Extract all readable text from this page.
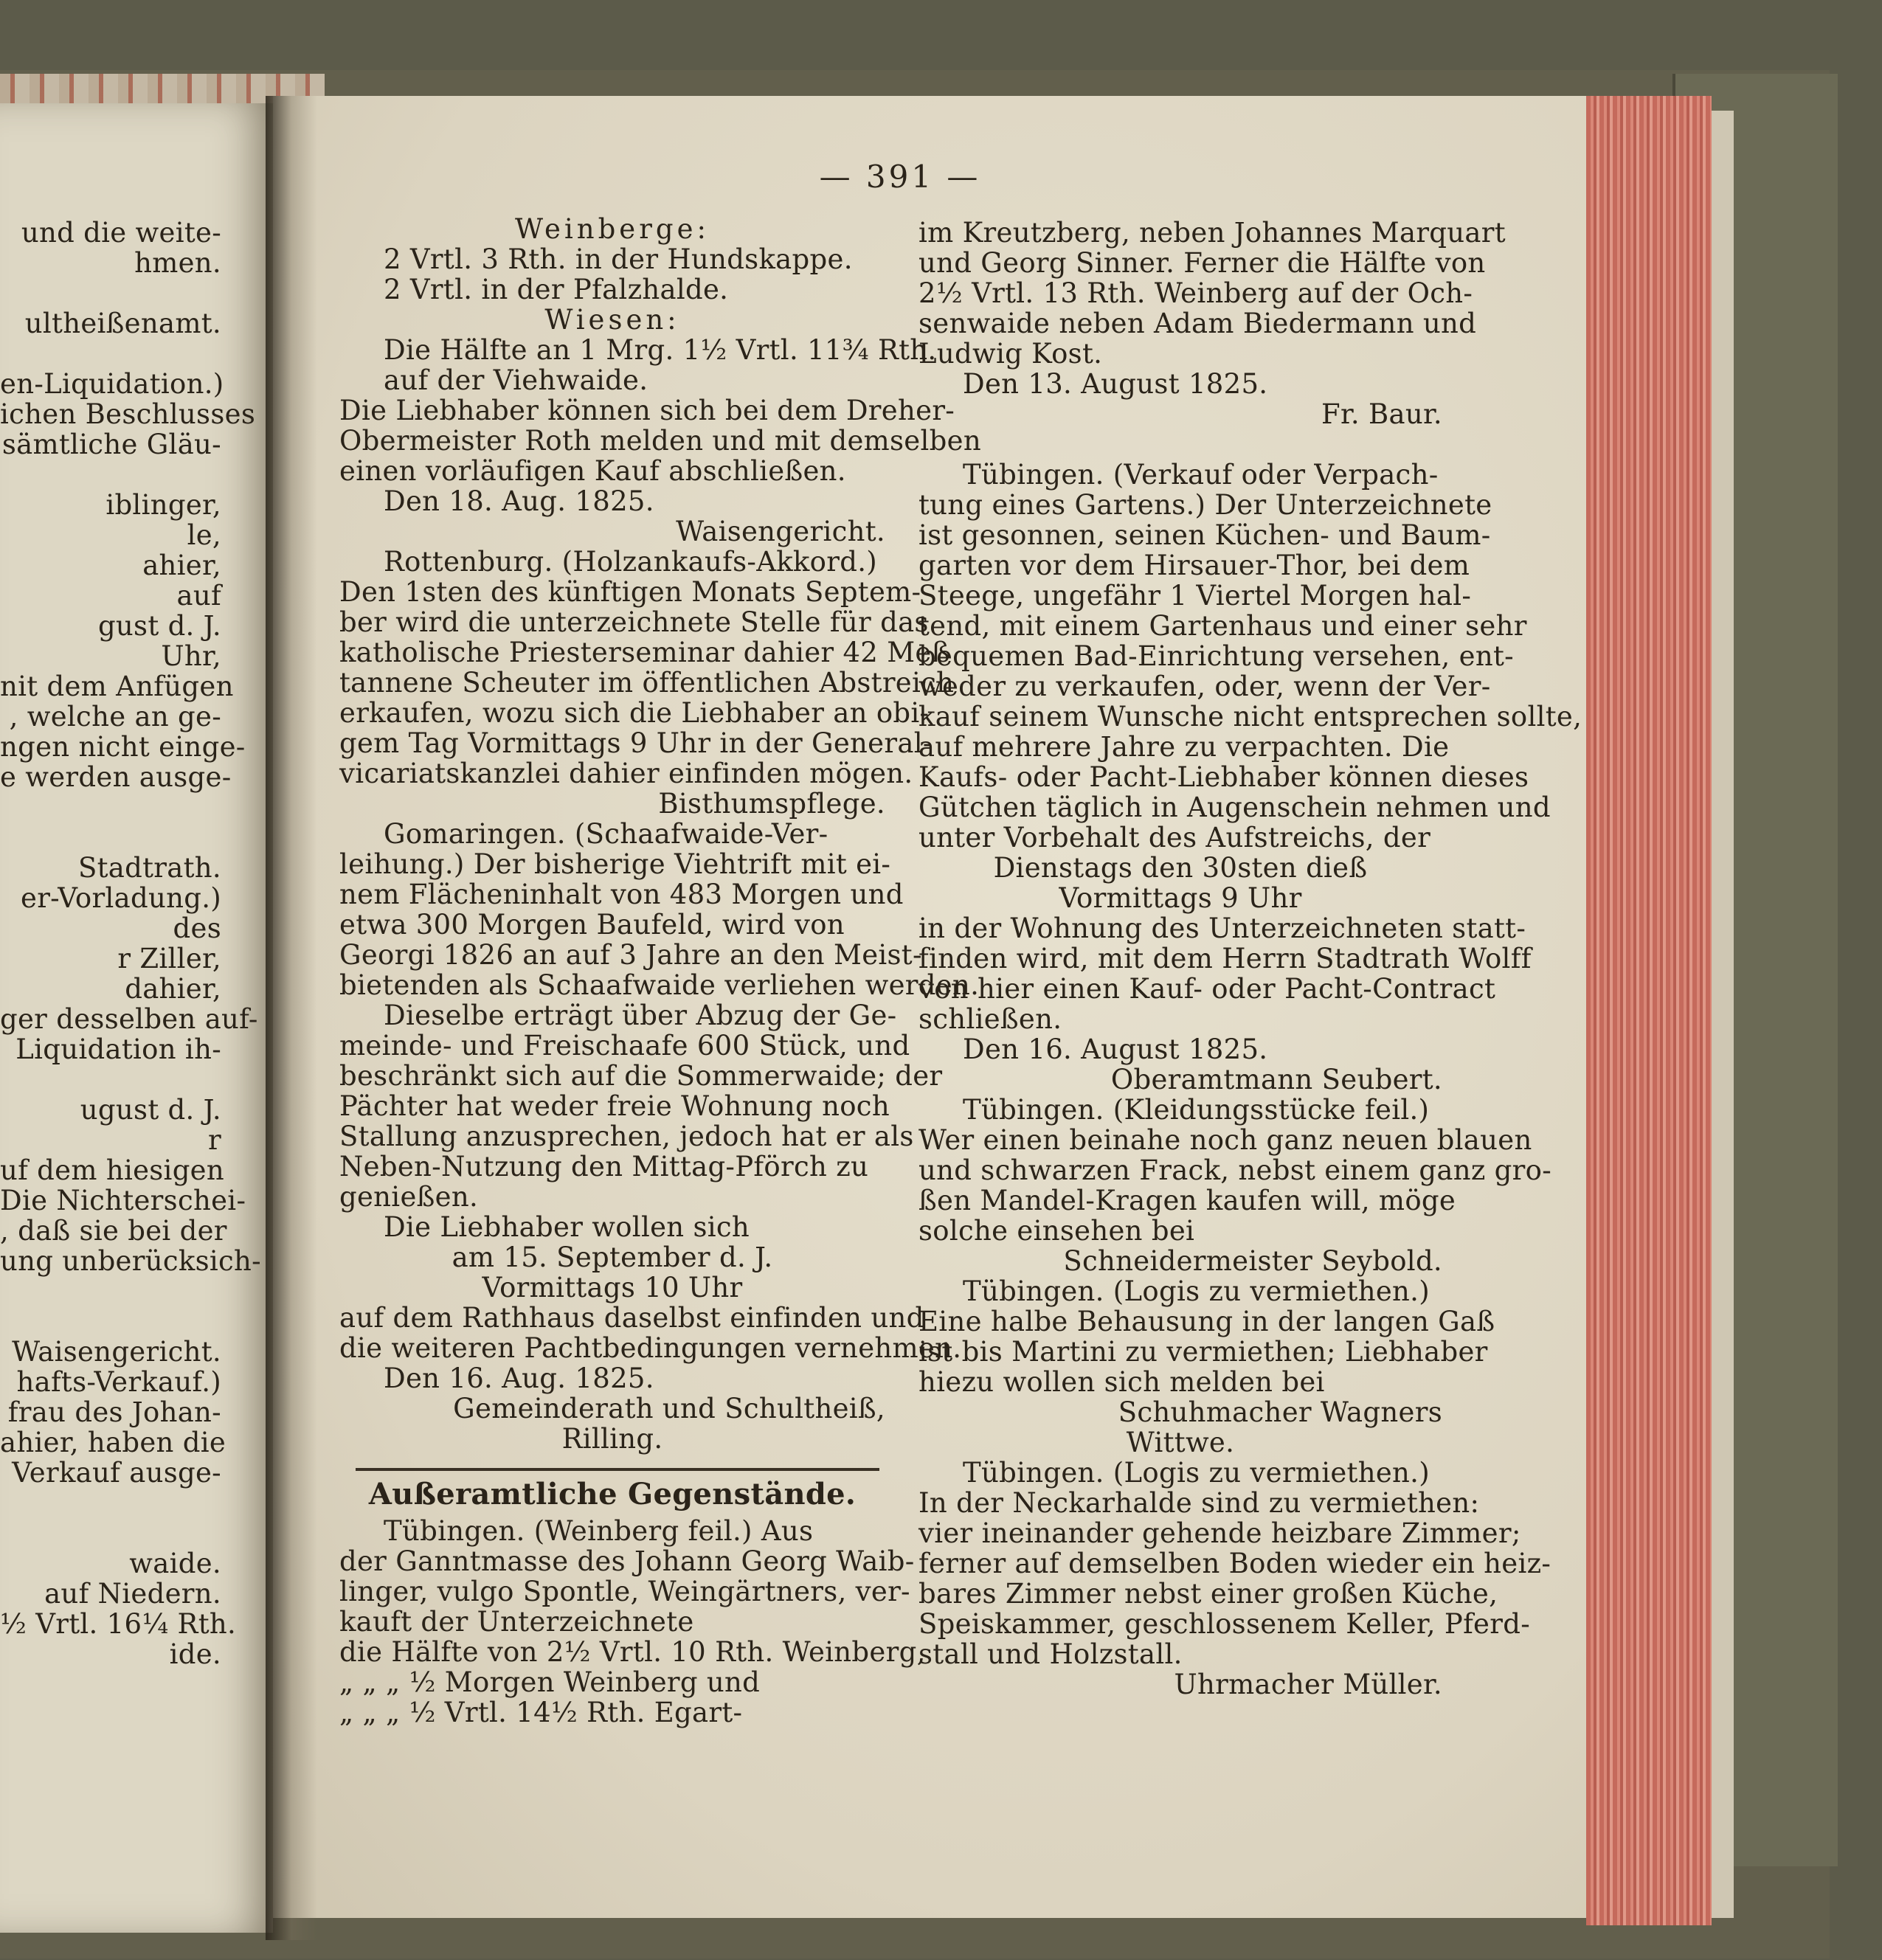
— 391 —
und die weite-
hmen.
ultheißenamt.
en-Liquidation.)
ichen Beschlusses
sämtliche Gläu-
iblinger,
le,
ahier,
auf
gust d. J.
Uhr,
nit dem Anfügen
, welche an ge-
ngen nicht einge-
e werden ausge-
Stadtrath.
er-Vorladung.)
des
r Ziller,
dahier,
ger desselben auf-
Liquidation ih-
ugust d. J.
r
uf dem hiesigen
Die Nichterschei-
, daß sie bei der
ung unberücksich-
Waisengericht.
hafts-Verkauf.)
frau des Johan-
ahier, haben die
Verkauf ausge-
waide.
auf Niedern.
½ Vrtl. 16¼ Rth.
ide.
Weinberge:
2 Vrtl. 3 Rth. in der Hundskappe.
2 Vrtl. in der Pfalzhalde.
Wiesen:
Die Hälfte an 1 Mrg. 1½ Vrtl. 11¾ Rth.
auf der Viehwaide.
Die Liebhaber können sich bei dem Dreher-
Obermeister Roth melden und mit demselben
einen vorläufigen Kauf abschließen.
Den 18. Aug. 1825.
Waisengericht.
Rottenburg. (Holzankaufs-Akkord.)
Den 1sten des künftigen Monats Septem-
ber wird die unterzeichnete Stelle für das
katholische Priesterseminar dahier 42 Meß
tannene Scheuter im öffentlichen Abstreich
erkaufen, wozu sich die Liebhaber an obi-
gem Tag Vormittags 9 Uhr in der General-
vicariatskanzlei dahier einfinden mögen.
Bisthumspflege.
Gomaringen. (Schaafwaide-Ver-
leihung.) Der bisherige Viehtrift mit ei-
nem Flächeninhalt von 483 Morgen und
etwa 300 Morgen Baufeld, wird von
Georgi 1826 an auf 3 Jahre an den Meist-
bietenden als Schaafwaide verliehen werden.
Dieselbe erträgt über Abzug der Ge-
meinde- und Freischaafe 600 Stück, und
beschränkt sich auf die Sommerwaide; der
Pächter hat weder freie Wohnung noch
Stallung anzusprechen, jedoch hat er als
Neben-Nutzung den Mittag-Pförch zu
genießen.
Die Liebhaber wollen sich
am 15. September d. J.
Vormittags 10 Uhr
auf dem Rathhaus daselbst einfinden und
die weiteren Pachtbedingungen vernehmen.
Den 16. Aug. 1825.
Gemeinderath und Schultheiß,
Rilling.
Außeramtliche Gegenstände.
Tübingen. (Weinberg feil.) Aus
der Ganntmasse des Johann Georg Waib-
linger, vulgo Spontle, Weingärtners, ver-
kauft der Unterzeichnete
die Hälfte von 2½ Vrtl. 10 Rth. Weinberg,
„ „ „ ½ Morgen Weinberg und
„ „ „ ½ Vrtl. 14½ Rth. Egart-
im Kreutzberg, neben Johannes Marquart
und Georg Sinner. Ferner die Hälfte von
2½ Vrtl. 13 Rth. Weinberg auf der Och-
senwaide neben Adam Biedermann und
Ludwig Kost.
Den 13. August 1825.
Fr. Baur.
Tübingen. (Verkauf oder Verpach-
tung eines Gartens.) Der Unterzeichnete
ist gesonnen, seinen Küchen- und Baum-
garten vor dem Hirsauer-Thor, bei dem
Steege, ungefähr 1 Viertel Morgen hal-
tend, mit einem Gartenhaus und einer sehr
bequemen Bad-Einrichtung versehen, ent-
weder zu verkaufen, oder, wenn der Ver-
kauf seinem Wunsche nicht entsprechen sollte,
auf mehrere Jahre zu verpachten. Die
Kaufs- oder Pacht-Liebhaber können dieses
Gütchen täglich in Augenschein nehmen und
unter Vorbehalt des Aufstreichs, der
Dienstags den 30sten dieß
Vormittags 9 Uhr
in der Wohnung des Unterzeichneten statt-
finden wird, mit dem Herrn Stadtrath Wolff
von hier einen Kauf- oder Pacht-Contract
schließen.
Den 16. August 1825.
Oberamtmann Seubert.
Tübingen. (Kleidungsstücke feil.)
Wer einen beinahe noch ganz neuen blauen
und schwarzen Frack, nebst einem ganz gro-
ßen Mandel-Kragen kaufen will, möge
solche einsehen bei
Schneidermeister Seybold.
Tübingen. (Logis zu vermiethen.)
Eine halbe Behausung in der langen Gaß
ist bis Martini zu vermiethen; Liebhaber
hiezu wollen sich melden bei
Schuhmacher Wagners
Wittwe.
Tübingen. (Logis zu vermiethen.)
In der Neckarhalde sind zu vermiethen:
vier ineinander gehende heizbare Zimmer;
ferner auf demselben Boden wieder ein heiz-
bares Zimmer nebst einer großen Küche,
Speiskammer, geschlossenem Keller, Pferd-
stall und Holzstall.
Uhrmacher Müller.
